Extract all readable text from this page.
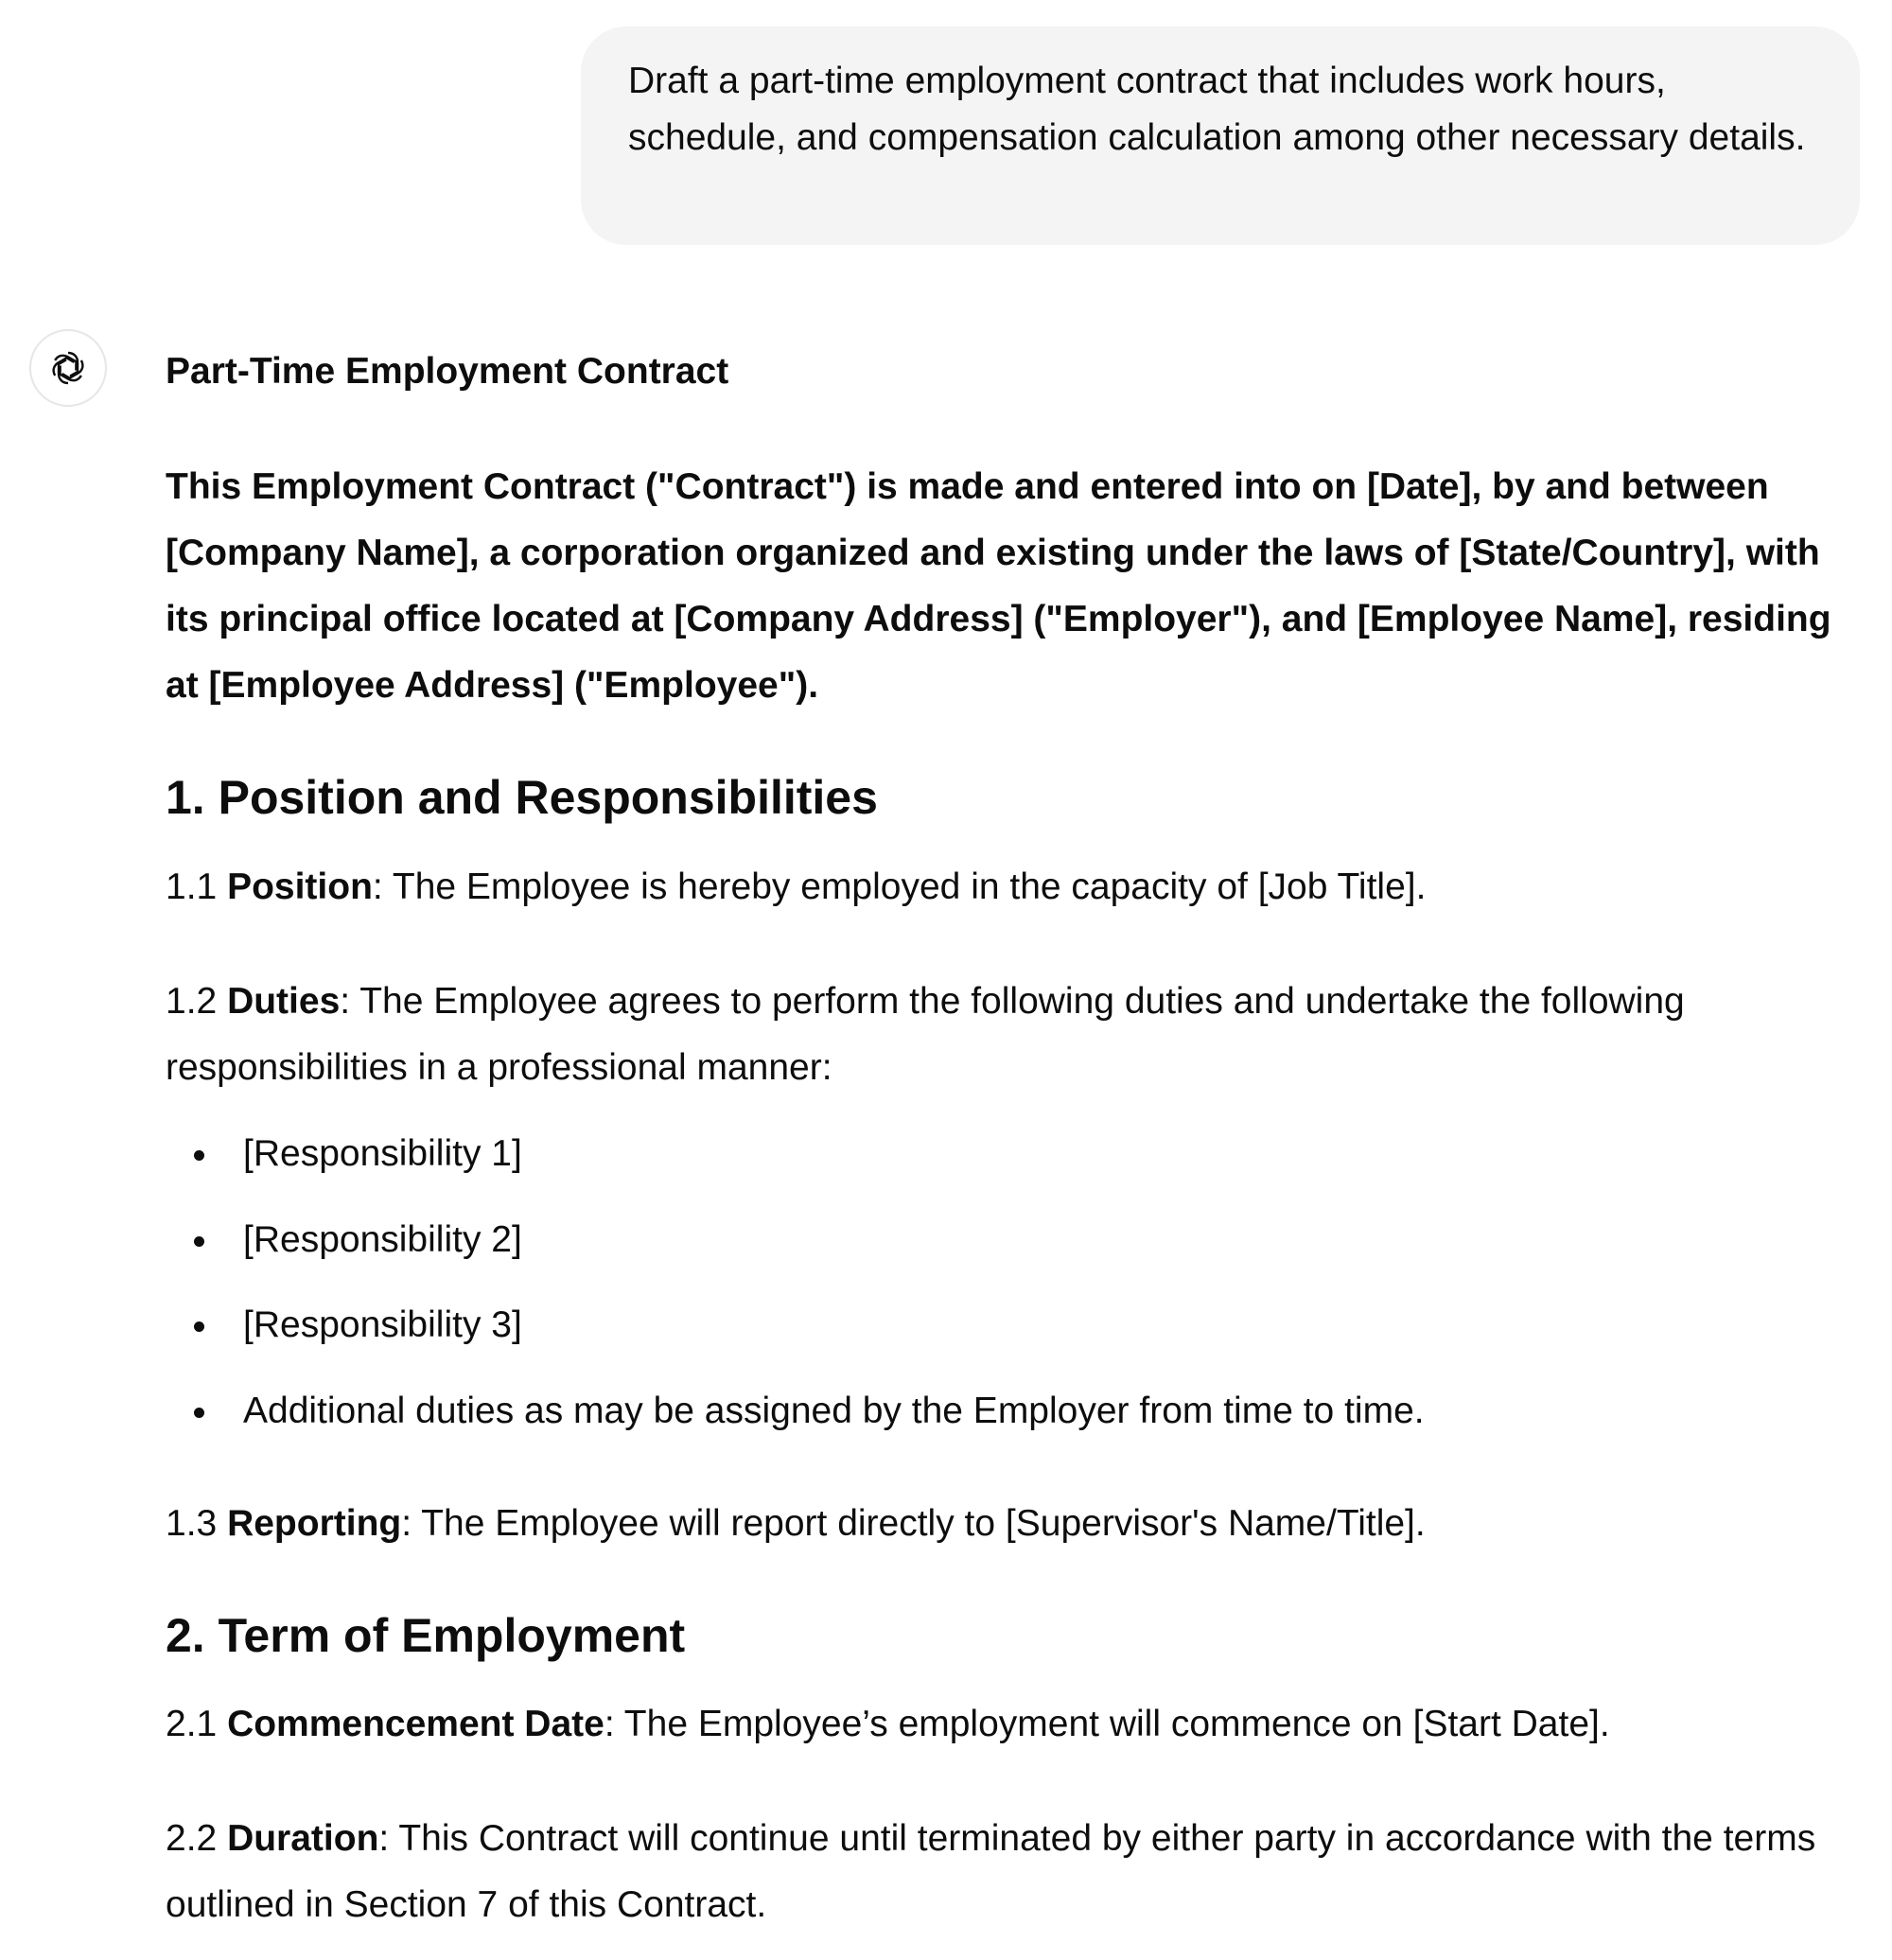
Draft a part-time employment contract that includes work hours, schedule, and compensation calculation among other necessary details.

Part-Time Employment Contract

This Employment Contract ("Contract") is made and entered into on [Date], by and between [Company Name], a corporation organized and existing under the laws of [State/Country], with its principal office located at [Company Address] ("Employer"), and [Employee Name], residing at [Employee Address] ("Employee").

1. Position and Responsibilities

1.1 Position: The Employee is hereby employed in the capacity of [Job Title].

1.2 Duties: The Employee agrees to perform the following duties and undertake the following responsibilities in a professional manner:

[Responsibility 1]

[Responsibility 2]

[Responsibility 3]

Additional duties as may be assigned by the Employer from time to time.

1.3 Reporting: The Employee will report directly to [Supervisor's Name/Title].

2. Term of Employment

2.1 Commencement Date: The Employee’s employment will commence on [Start Date].

2.2 Duration: This Contract will continue until terminated by either party in accordance with the terms outlined in Section 7 of this Contract.
